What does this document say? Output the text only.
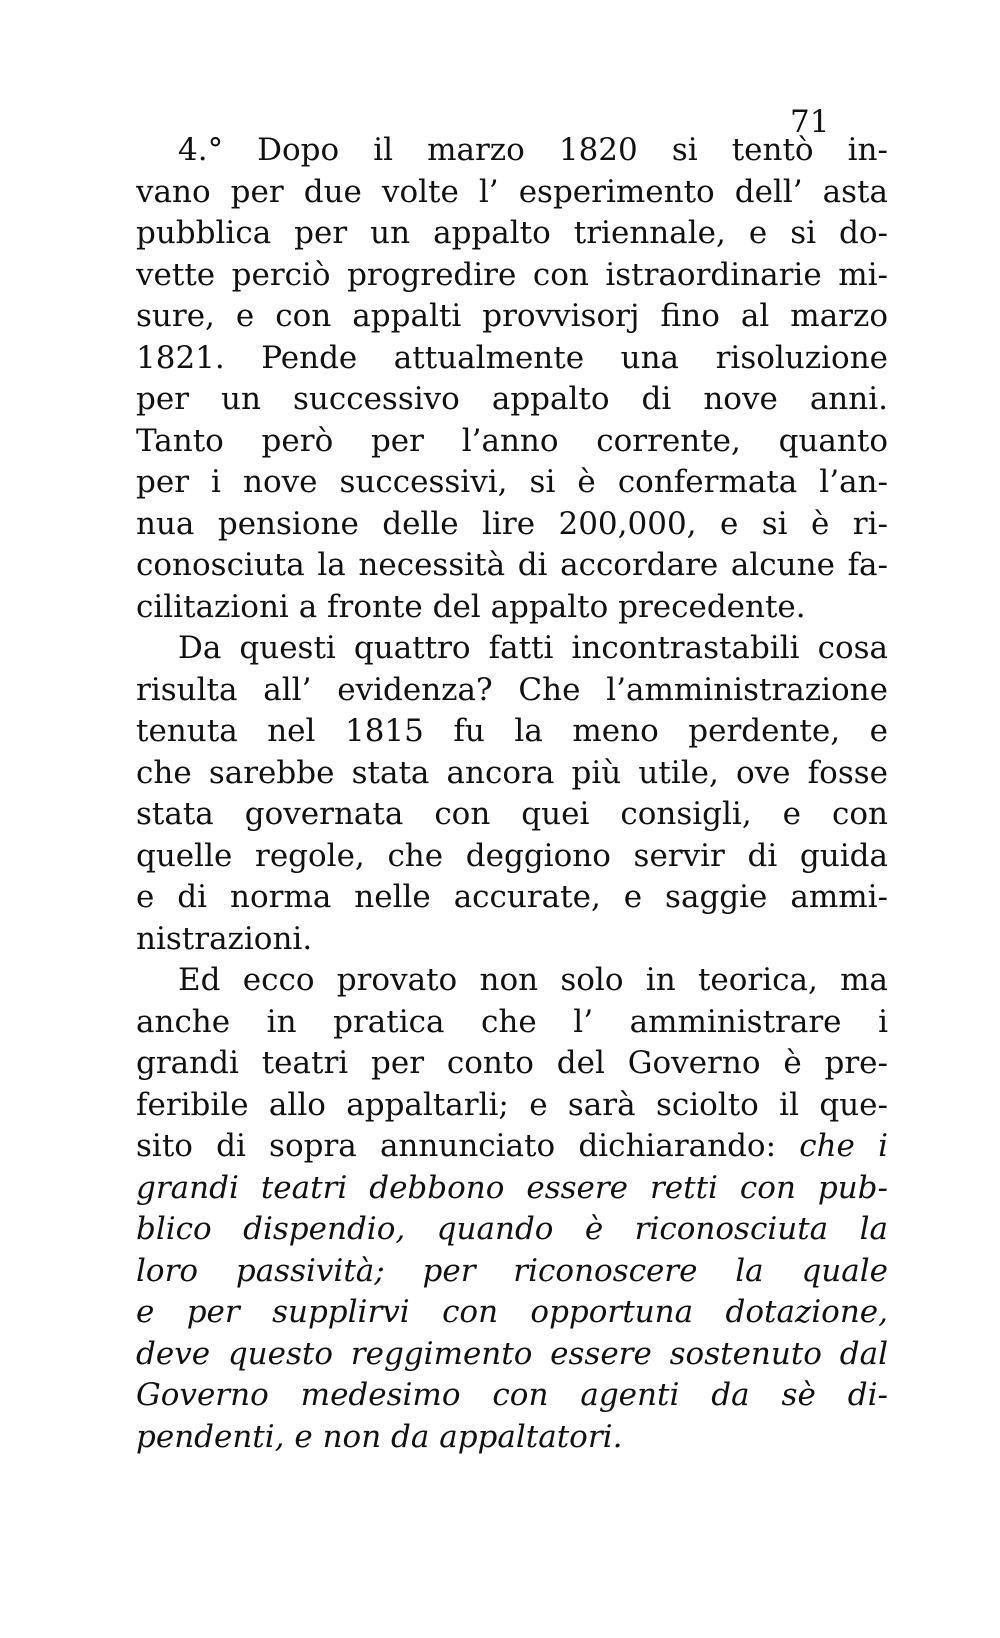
71
4.° Dopo il marzo 1820 si tentò in-
vano per due volte l’ esperimento dell’ asta
pubblica per un appalto triennale, e si do-
vette perciò progredire con istraordinarie mi-
sure, e con appalti provvisorj fino al marzo
1821. Pende attualmente una risoluzione
per un successivo appalto di nove anni.
Tanto però per l’anno corrente, quanto
per i nove successivi, si è confermata l’an-
nua pensione delle lire 200,000, e si è ri-
conosciuta la necessità di accordare alcune fa-
cilitazioni a fronte del appalto precedente.
Da questi quattro fatti incontrastabili cosa
risulta all’ evidenza? Che l’amministrazione
tenuta nel 1815 fu la meno perdente, e
che sarebbe stata ancora più utile, ove fosse
stata governata con quei consigli, e con
quelle regole, che deggiono servir di guida
e di norma nelle accurate, e saggie ammi-
nistrazioni.
Ed ecco provato non solo in teorica, ma
anche in pratica che l’ amministrare i
grandi teatri per conto del Governo è pre-
feribile allo appaltarli; e sarà sciolto il que-
sito di sopra annunciato dichiarando: che i
grandi teatri debbono essere retti con pub-
blico dispendio, quando è riconosciuta la
loro passività; per riconoscere la quale
e per supplirvi con opportuna dotazione,
deve questo reggimento essere sostenuto dal
Governo medesimo con agenti da sè di-
pendenti, e non da appaltatori.
